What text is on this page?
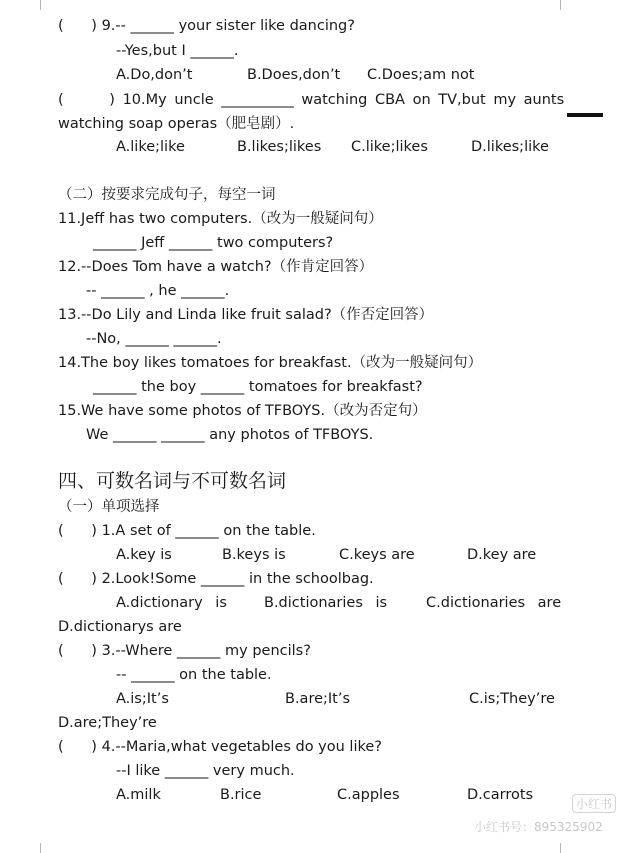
(      ) 9.-- ______ your sister like dancing?
--Yes,but I ______.
A.Do,don’t	B.Does,don’t C.Does;am not
(      ) 10.My uncle __________ watching CBA on TV,but my aunts
watching soap operas（肥皂剧）.
A.like;like	B.likes;likes C.like;likes	D.likes;like
（二）按要求完成句子，每空一词
11.Jeff has two computers.（改为一般疑问句）
______ Jeff ______ two computers?
12.--Does Tom have a watch?（作肯定回答）
-- ______ , he ______.
13.--Do Lily and Linda like fruit salad?（作否定回答）
--No, ______ ______.
14.The boy likes tomatoes for breakfast.（改为一般疑问句）
______ the boy ______ tomatoes for breakfast?
15.We have some photos of TFBOYS.（改为否定句）
We ______ ______ any photos of TFBOYS.
四、可数名词与不可数名词
（一）单项选择
(      ) 1.A set of ______ on the table.
A.key is	B.keys is	C.keys are	D.key are
(      ) 2.Look!Some ______ in the schoolbag.
A.dictionary is	B.dictionaries is	C.dictionaries are
D.dictionarys are
(      ) 3.--Where ______ my pencils?
-- ______ on the table.
A.is;It’s	B.are;It’s	C.is;They’re
D.are;They’re
(      ) 4.--Maria,what vegetables do you like?
--I like ______ very much.
A.milk	B.rice	C.apples	D.carrots
小红书
小红书号：895325902
